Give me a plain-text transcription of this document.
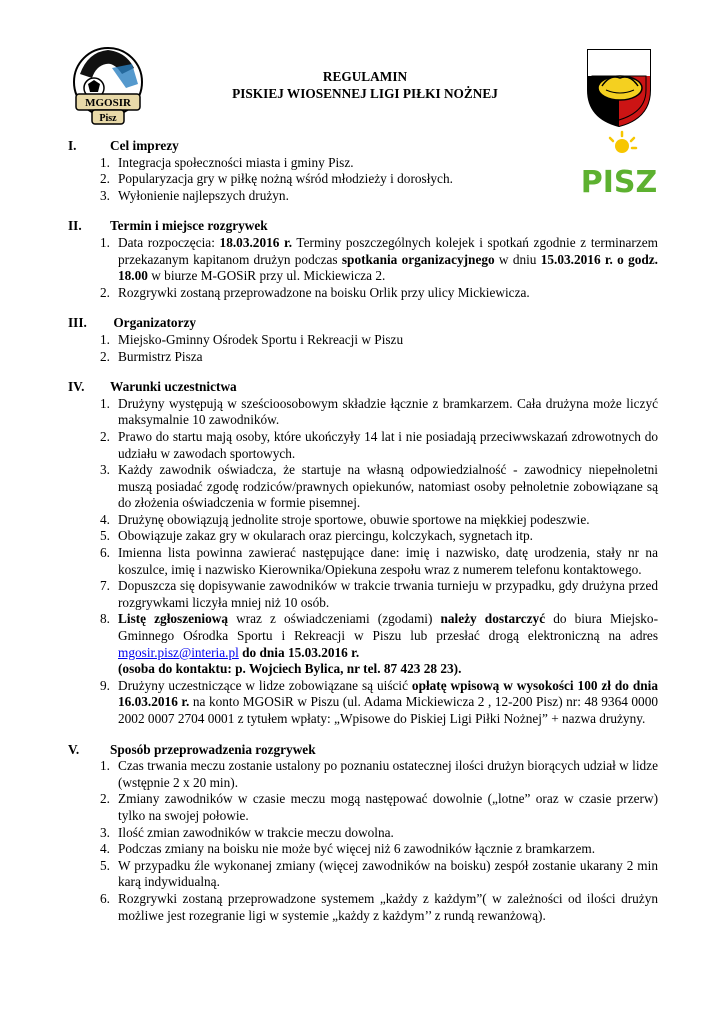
MGOSIR
Pisz
PISZ
REGULAMIN
PISKIEJ WIOSENNEJ LIGI PIŁKI NOŻNEJ
I.	Cel imprezy
1. Integracja społeczności miasta i gminy Pisz.
2. Popularyzacja gry w piłkę nożną wśród młodzieży i dorosłych.
3. Wyłonienie najlepszych drużyn.
II.	Termin i miejsce rozgrywek
1. Data rozpoczęcia: 18.03.2016 r. Terminy poszczególnych kolejek i spotkań zgodnie z terminarzem przekazanym kapitanom drużyn podczas spotkania organizacyjnego w dniu 15.03.2016 r. o godz. 18.00 w biurze M-GOSiR przy ul. Mickiewicza 2.
2. Rozgrywki zostaną przeprowadzone na boisku Orlik przy ulicy Mickiewicza.
III.	Organizatorzy
1. Miejsko-Gminny Ośrodek Sportu i Rekreacji w Piszu
2. Burmistrz Pisza
IV.	Warunki uczestnictwa
1. Drużyny występują w sześcioosobowym składzie łącznie z bramkarzem. Cała drużyna może liczyć maksymalnie 10 zawodników.
2. Prawo do startu mają osoby, które ukończyły 14 lat i nie posiadają przeciwwskazań zdrowotnych do udziału w zawodach sportowych.
3. Każdy zawodnik oświadcza, że startuje na własną odpowiedzialność - zawodnicy niepełnoletni muszą posiadać zgodę rodziców/prawnych opiekunów, natomiast osoby pełnoletnie zobowiązane są do złożenia oświadczenia w formie pisemnej.
4. Drużynę obowiązują jednolite stroje sportowe, obuwie sportowe na miękkiej podeszwie.
5. Obowiązuje zakaz gry w okularach oraz piercingu, kolczykach, sygnetach itp.
6. Imienna lista powinna zawierać następujące dane: imię i nazwisko, datę urodzenia, stały nr na koszulce, imię i nazwisko Kierownika/Opiekuna zespołu wraz z numerem telefonu kontaktowego.
7. Dopuszcza się dopisywanie zawodników w trakcie trwania turnieju w przypadku, gdy drużyna przed rozgrywkami liczyła mniej niż 10 osób.
8. Listę zgłoszeniową wraz z oświadczeniami (zgodami) należy dostarczyć do biura Miejsko-Gminnego Ośrodka Sportu i Rekreacji w Piszu lub przesłać drogą elektroniczną na adres mgosir.pisz@interia.pl do dnia 15.03.2016 r.
(osoba do kontaktu: p. Wojciech Bylica, nr tel. 87 423 28 23).
9. Drużyny uczestniczące w lidze zobowiązane są uiścić opłatę wpisową w wysokości 100 zł do dnia 16.03.2016 r. na konto MGOSiR w Piszu (ul. Adama Mickiewicza 2 , 12-200 Pisz) nr: 48 9364 0000 2002 0007 2704 0001 z tytułem wpłaty: „Wpisowe do Piskiej Ligi Piłki Nożnej” + nazwa drużyny.
V.	Sposób przeprowadzenia rozgrywek
1. Czas trwania meczu zostanie ustalony po poznaniu ostatecznej ilości drużyn biorących udział w lidze (wstępnie 2 x 20 min).
2. Zmiany zawodników w czasie meczu mogą następować dowolnie („lotne” oraz w czasie przerw) tylko na swojej połowie.
3. Ilość zmian zawodników w trakcie meczu dowolna.
4. Podczas zmiany na boisku nie może być więcej niż 6 zawodników łącznie z bramkarzem.
5. W przypadku źle wykonanej zmiany (więcej zawodników na boisku) zespół zostanie ukarany 2 min karą indywidualną.
6. Rozgrywki zostaną przeprowadzone systemem „każdy z każdym”( w zależności od ilości drużyn możliwe jest rozegranie ligi w systemie „każdy z każdym’’ z rundą rewanżową).
